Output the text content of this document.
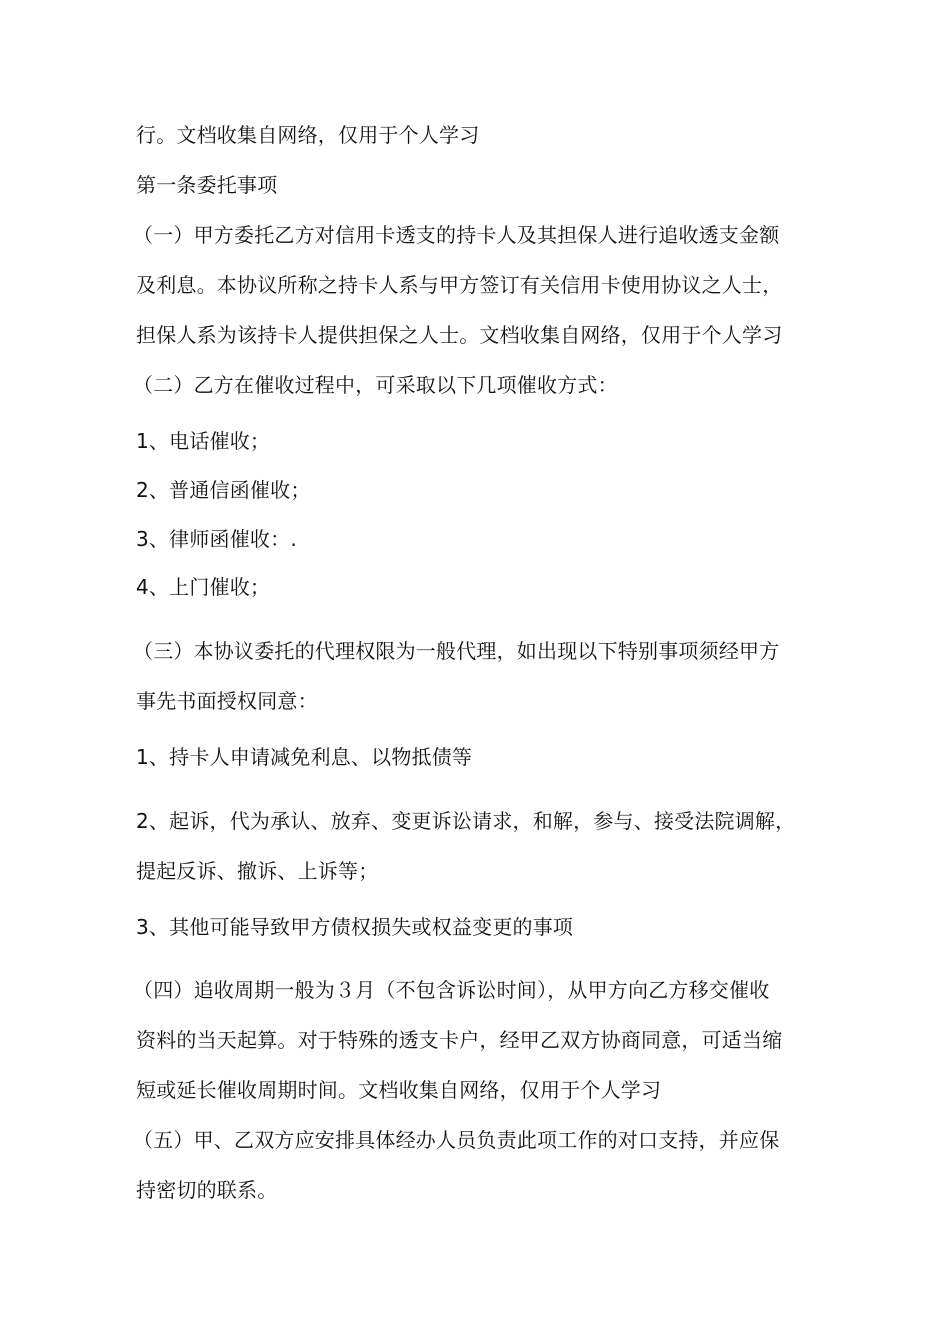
行。文档收集自网络，仅用于个人学习
第一条委托事项
（一）甲方委托乙方对信用卡透支的持卡人及其担保人进行追收透支金额
及利息。本协议所称之持卡人系与甲方签订有关信用卡使用协议之人士，
担保人系为该持卡人提供担保之人士。文档收集自网络，仅用于个人学习
（二）乙方在催收过程中，可采取以下几项催收方式：
1、电话催收；
2、普通信函催收；
3、律师函催收：.
4、上门催收；
（三）本协议委托的代理权限为一般代理，如出现以下特别事项须经甲方
事先书面授权同意：
1、持卡人申请减免利息、以物抵债等
2、起诉，代为承认、放弃、变更诉讼请求，和解，参与、接受法院调解，
提起反诉、撤诉、上诉等；
3、其他可能导致甲方债权损失或权益变更的事项
（四）追收周期一般为３月（不包含诉讼时间），从甲方向乙方移交催收
资料的当天起算。对于特殊的透支卡户，经甲乙双方协商同意，可适当缩
短或延长催收周期时间。文档收集自网络，仅用于个人学习
（五）甲、乙双方应安排具体经办人员负责此项工作的对口支持，并应保
持密切的联系。
